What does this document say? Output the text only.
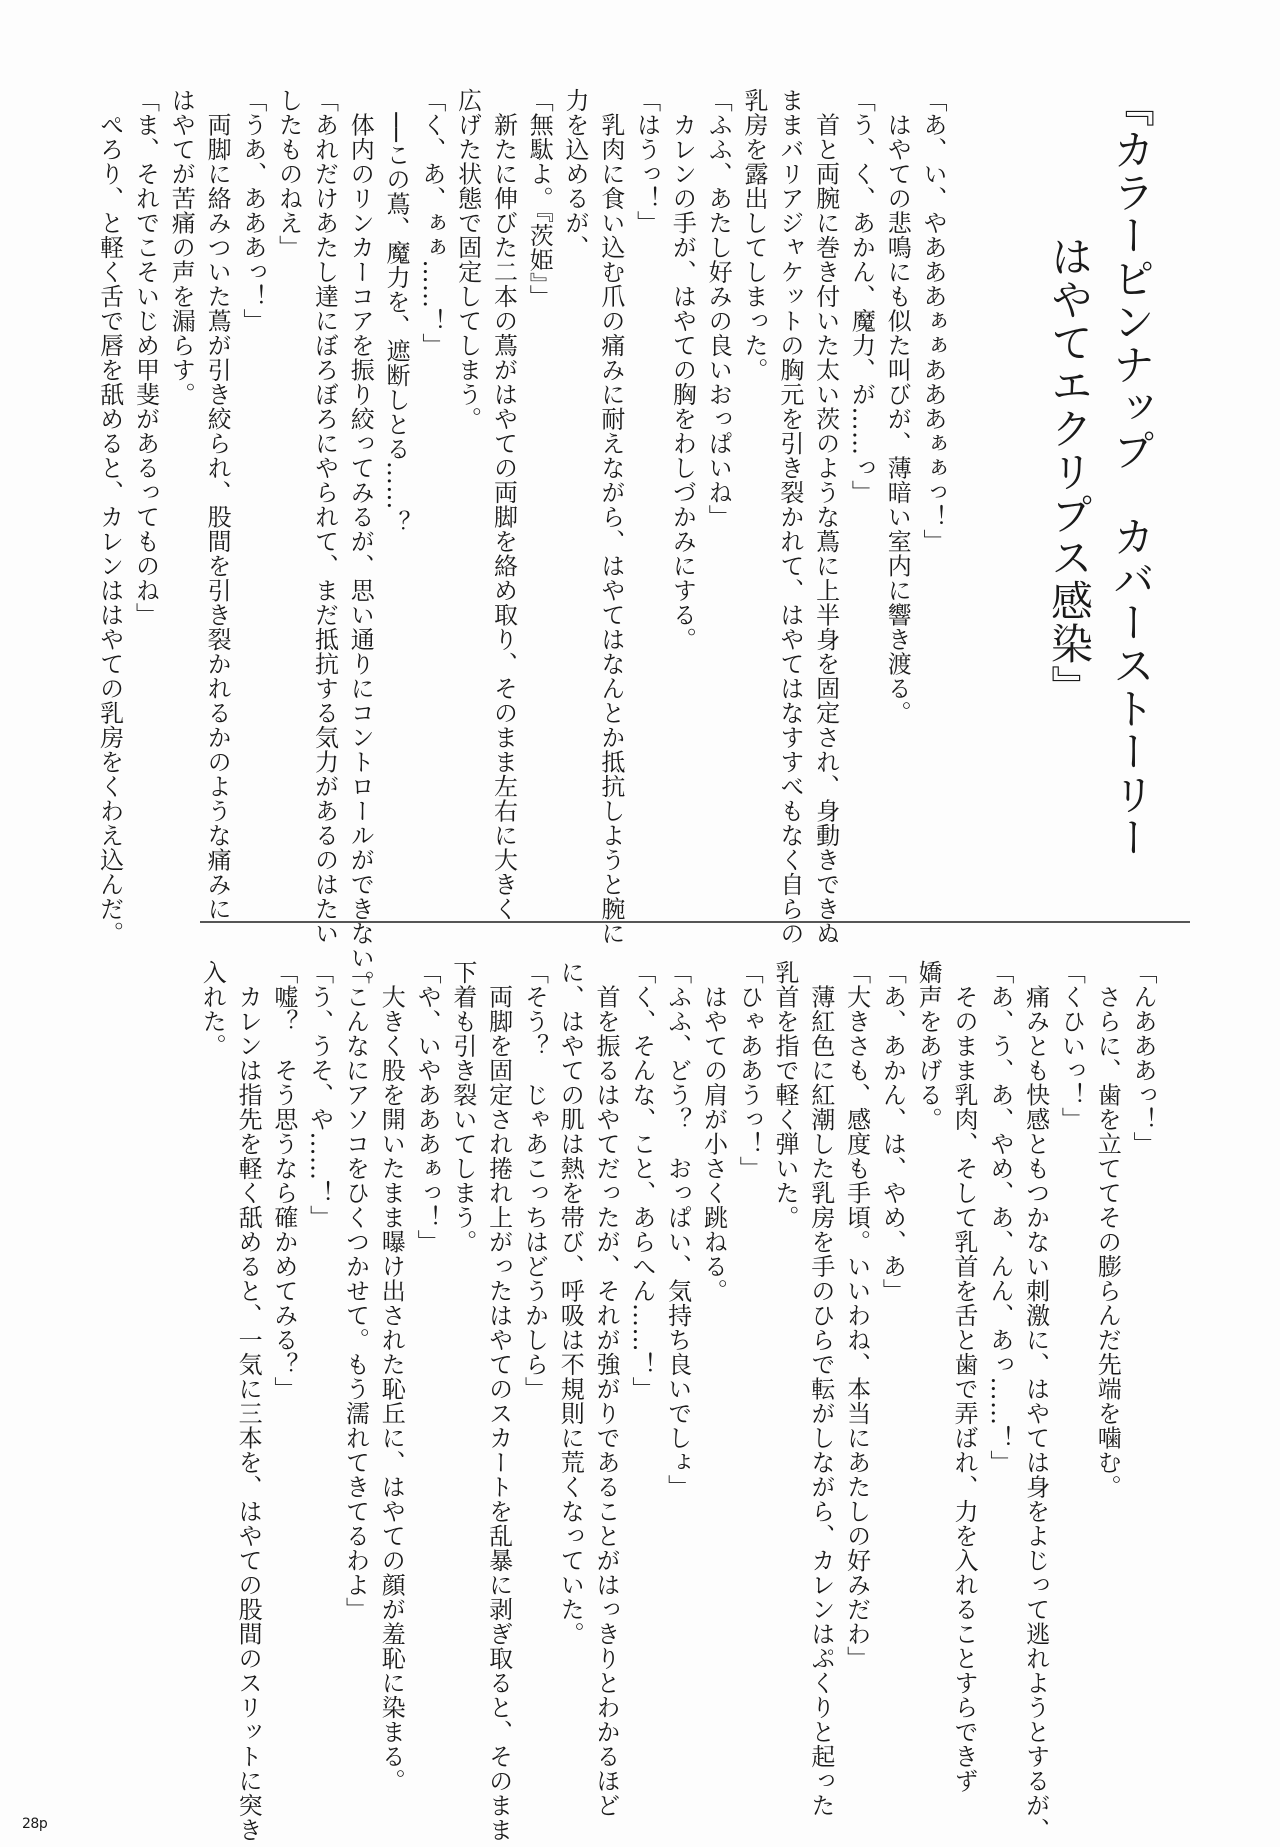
『カラーピンナップ　カバーストーリー
はやてエクリプス感染』
「あ、い、やあああぁぁあああぁぁっ！」
　はやての悲鳴にも似た叫びが、薄暗い室内に響き渡る。
「う、く、あかん、魔力、が……っ」
　首と両腕に巻き付いた太い茨のような蔦に上半身を固定され、身動きできぬ
ままバリアジャケットの胸元を引き裂かれて、はやてはなすすべもなく自らの
乳房を露出してしまった。
「ふふ、あたし好みの良いおっぱいね」
　カレンの手が、はやての胸をわしづかみにする。
「はうっ！」
　乳肉に食い込む爪の痛みに耐えながら、はやてはなんとか抵抗しようと腕に
力を込めるが、
「無駄よ。『茨姫』」
　新たに伸びた二本の蔦がはやての両脚を絡め取り、そのまま左右に大きく
広げた状態で固定してしまう。
「く、あ、ぁぁ……！」
　──この蔦、魔力を、遮断しとる……？
　体内のリンカーコアを振り絞ってみるが、思い通りにコントロールができない。
「あれだけあたし達にぼろぼろにやられて、まだ抵抗する気力があるのはたい
したものねえ」
「うあ、あああっ！」
　両脚に絡みついた蔦が引き絞られ、股間を引き裂かれるかのような痛みに
はやてが苦痛の声を漏らす。
「ま、それでこそいじめ甲斐があるってものね」
　ぺろり、と軽く舌で唇を舐めると、カレンははやての乳房をくわえ込んだ。
「んあああっ！」
　さらに、歯を立ててその膨らんだ先端を噛む。
「くひいっ！」
　痛みとも快感ともつかない刺激に、はやては身をよじって逃れようとするが、
「あ、う、あ、やめ、あ、んん、あっ……！」
　そのまま乳肉、そして乳首を舌と歯で弄ばれ、力を入れることすらできず
嬌声をあげる。
「あ、あかん、は、やめ、あ」
「大きさも、感度も手頃。いいわね、本当にあたしの好みだわ」
　薄紅色に紅潮した乳房を手のひらで転がしながら、カレンはぷくりと起った
乳首を指で軽く弾いた。
「ひゃああうっ！」
　はやての肩が小さく跳ねる。
「ふふ、どう？　おっぱい、気持ち良いでしょ」
「く、そんな、こと、あらへん……！」
　首を振るはやてだったが、それが強がりであることがはっきりとわかるほど
に、はやての肌は熱を帯び、呼吸は不規則に荒くなっていた。
「そう？　じゃあこっちはどうかしら」
　両脚を固定され捲れ上がったはやてのスカートを乱暴に剥ぎ取ると、そのまま
下着も引き裂いてしまう。
「や、いやあああぁっ！」
　大きく股を開いたまま曝け出された恥丘に、はやての顔が羞恥に染まる。
「こんなにアソコをひくつかせて。もう濡れてきてるわよ」
「う、うそ、や……！」
「嘘？　そう思うなら確かめてみる？」
　カレンは指先を軽く舐めると、一気に三本を、はやての股間のスリットに突き
入れた。
28p
